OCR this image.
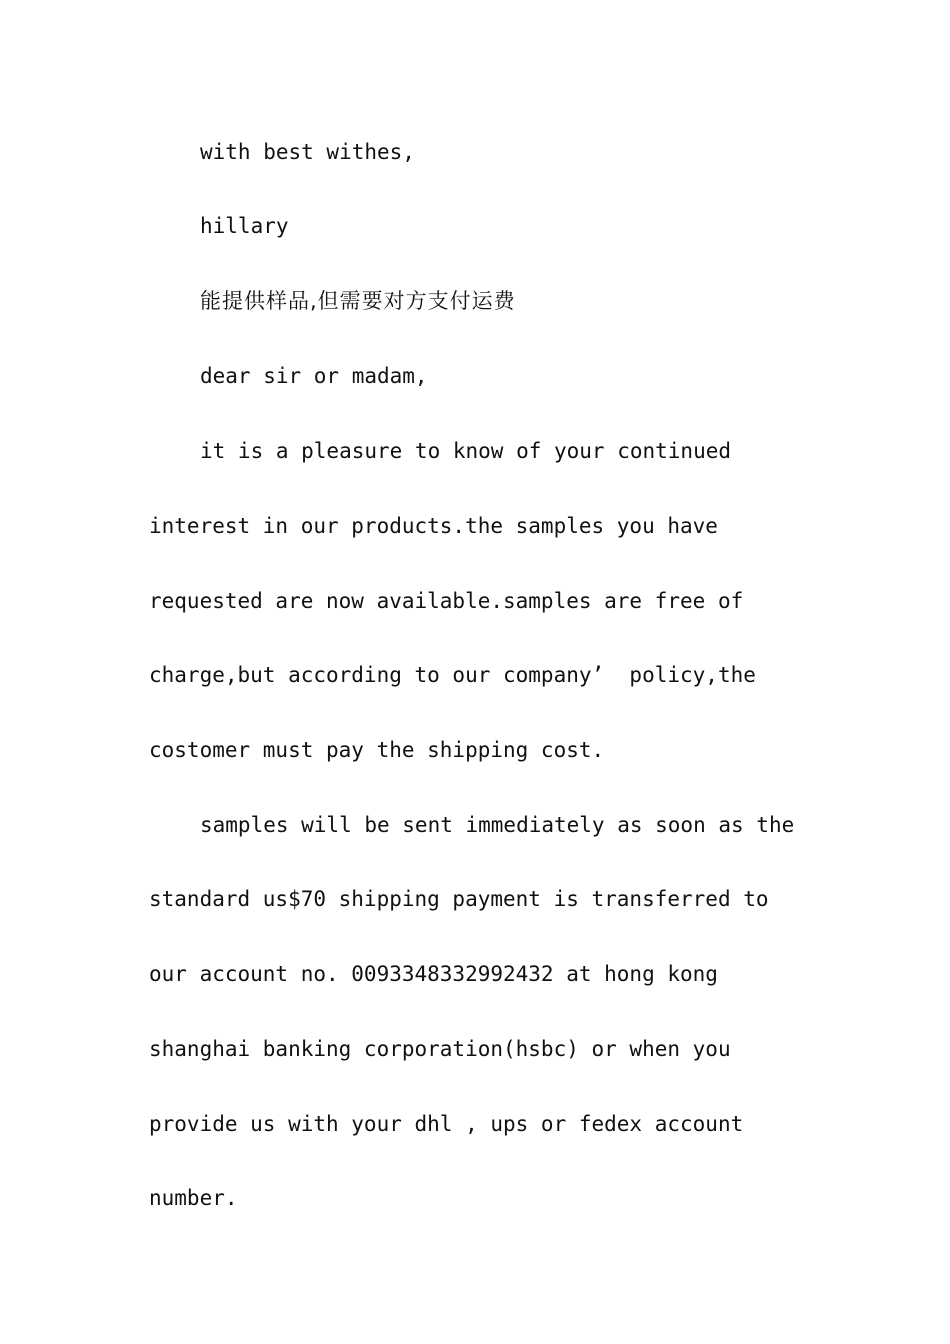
with best withes,

hillary

能提供样品,但需要对方支付运费

dear sir or madam,

it is a pleasure to know of your continued

interest in our products.the samples you have

requested are now available.samples are free of

charge,but according to our company’  policy,the

costomer must pay the shipping cost.

samples will be sent immediately as soon as the

standard us$70 shipping payment is transferred to

our account no. 0093348332992432 at hong kong

shanghai banking corporation(hsbc) or when you

provide us with your dhl , ups or fedex account

number.
